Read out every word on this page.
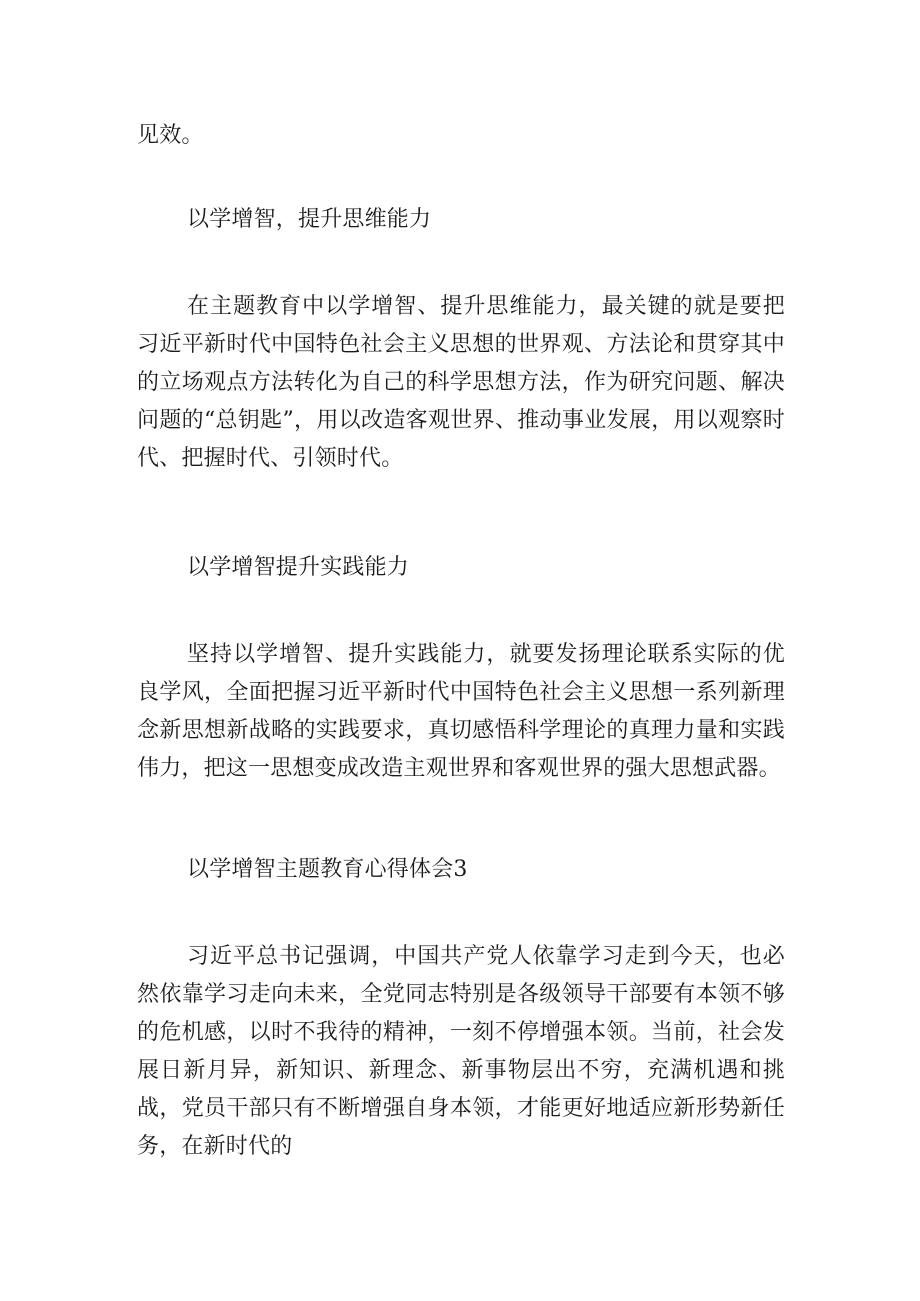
见效。
以学增智，提升思维能力
在主题教育中以学增智、提升思维能力，最关键的就是要把习近平新时代中国特色社会主义思想的世界观、方法论和贯穿其中的立场观点方法转化为自己的科学思想方法，作为研究问题、解决问题的“总钥匙”，用以改造客观世界、推动事业发展，用以观察时代、把握时代、引领时代。
以学增智提升实践能力
坚持以学增智、提升实践能力，就要发扬理论联系实际的优良学风，全面把握习近平新时代中国特色社会主义思想一系列新理念新思想新战略的实践要求，真切感悟科学理论的真理力量和实践伟力，把这一思想变成改造主观世界和客观世界的强大思想武器。
以学增智主题教育心得体会3
习近平总书记强调，中国共产党人依靠学习走到今天，也必然依靠学习走向未来，全党同志特别是各级领导干部要有本领不够的危机感，以时不我待的精神，一刻不停增强本领。当前，社会发展日新月异，新知识、新理念、新事物层出不穷，充满机遇和挑战，党员干部只有不断增强自身本领，才能更好地适应新形势新任务，在新时代的
